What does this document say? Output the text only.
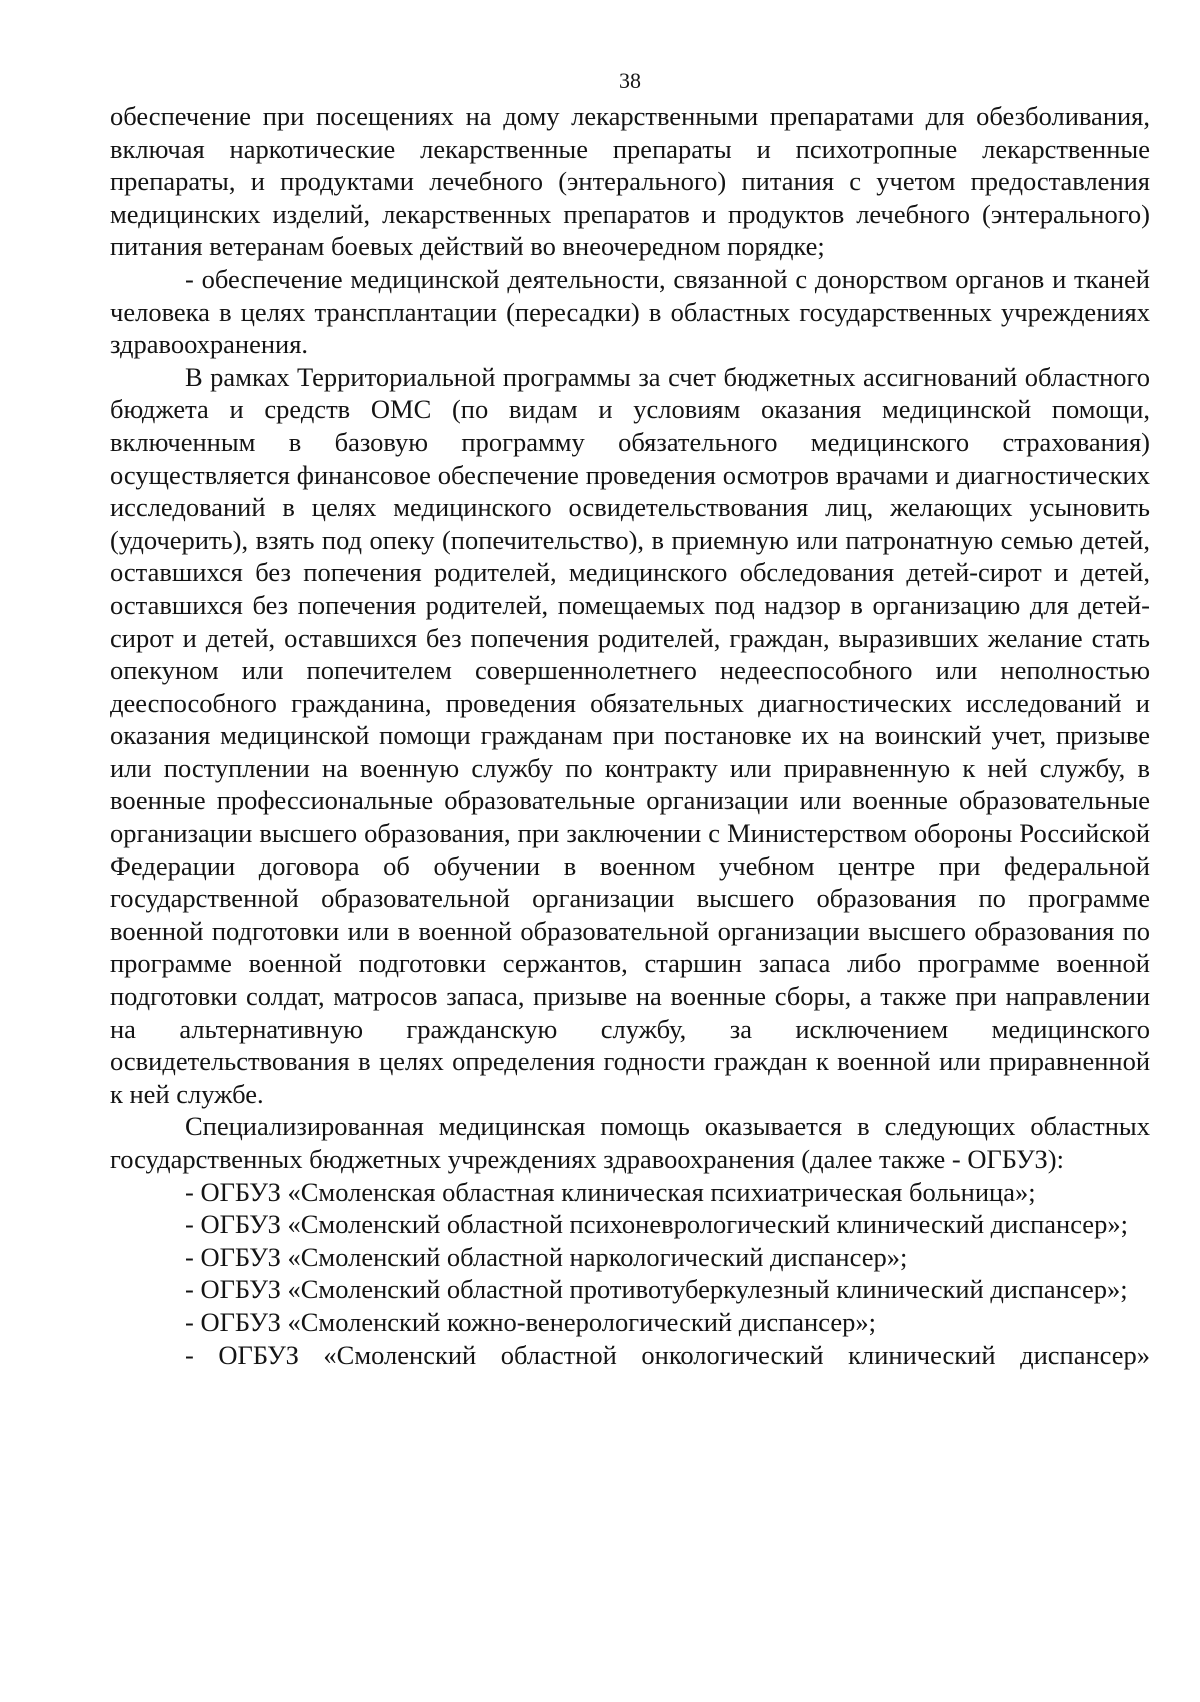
38

обеспечение при посещениях на дому лекарственными препаратами для обезболивания, включая наркотические лекарственные препараты и психотропные лекарственные препараты, и продуктами лечебного (энтерального) питания с учетом предоставления медицинских изделий, лекарственных препаратов и продуктов лечебного (энтерального) питания ветеранам боевых действий во внеочередном порядке;

- обеспечение медицинской деятельности, связанной с донорством органов и тканей человека в целях трансплантации (пересадки) в областных государственных учреждениях здравоохранения.

В рамках Территориальной программы за счет бюджетных ассигнований областного бюджета и средств ОМС (по видам и условиям оказания медицинской помощи, включенным в базовую программу обязательного медицинского страхования) осуществляется финансовое обеспечение проведения осмотров врачами и диагностических исследований в целях медицинского освидетельствования лиц, желающих усыновить (удочерить), взять под опеку (попечительство), в приемную или патронатную семью детей, оставшихся без попечения родителей, медицинского обследования детей-сирот и детей, оставшихся без попечения родителей, помещаемых под надзор в организацию для детей-сирот и детей, оставшихся без попечения родителей, граждан, выразивших желание стать опекуном или попечителем совершеннолетнего недееспособного или неполностью дееспособного гражданина, проведения обязательных диагностических исследований и оказания медицинской помощи гражданам при постановке их на воинский учет, призыве или поступлении на военную службу по контракту или приравненную к ней службу, в военные профессиональные образовательные организации или военные образовательные организации высшего образования, при заключении с Министерством обороны Российской Федерации договора об обучении в военном учебном центре при федеральной государственной образовательной организации высшего образования по программе военной подготовки или в военной образовательной организации высшего образования по программе военной подготовки сержантов, старшин запаса либо программе военной подготовки солдат, матросов запаса, призыве на военные сборы, а также при направлении на альтернативную гражданскую службу, за исключением медицинского освидетельствования в целях определения годности граждан к военной или приравненной к ней службе.

Специализированная медицинская помощь оказывается в следующих областных государственных бюджетных учреждениях здравоохранения (далее также - ОГБУЗ):

- ОГБУЗ «Смоленская областная клиническая психиатрическая больница»;

- ОГБУЗ «Смоленский областной психоневрологический клинический диспансер»;

- ОГБУЗ «Смоленский областной наркологический диспансер»;

- ОГБУЗ «Смоленский областной противотуберкулезный клинический диспансер»;

- ОГБУЗ «Смоленский кожно-венерологический диспансер»;

- ОГБУЗ «Смоленский областной онкологический клинический диспансер»
